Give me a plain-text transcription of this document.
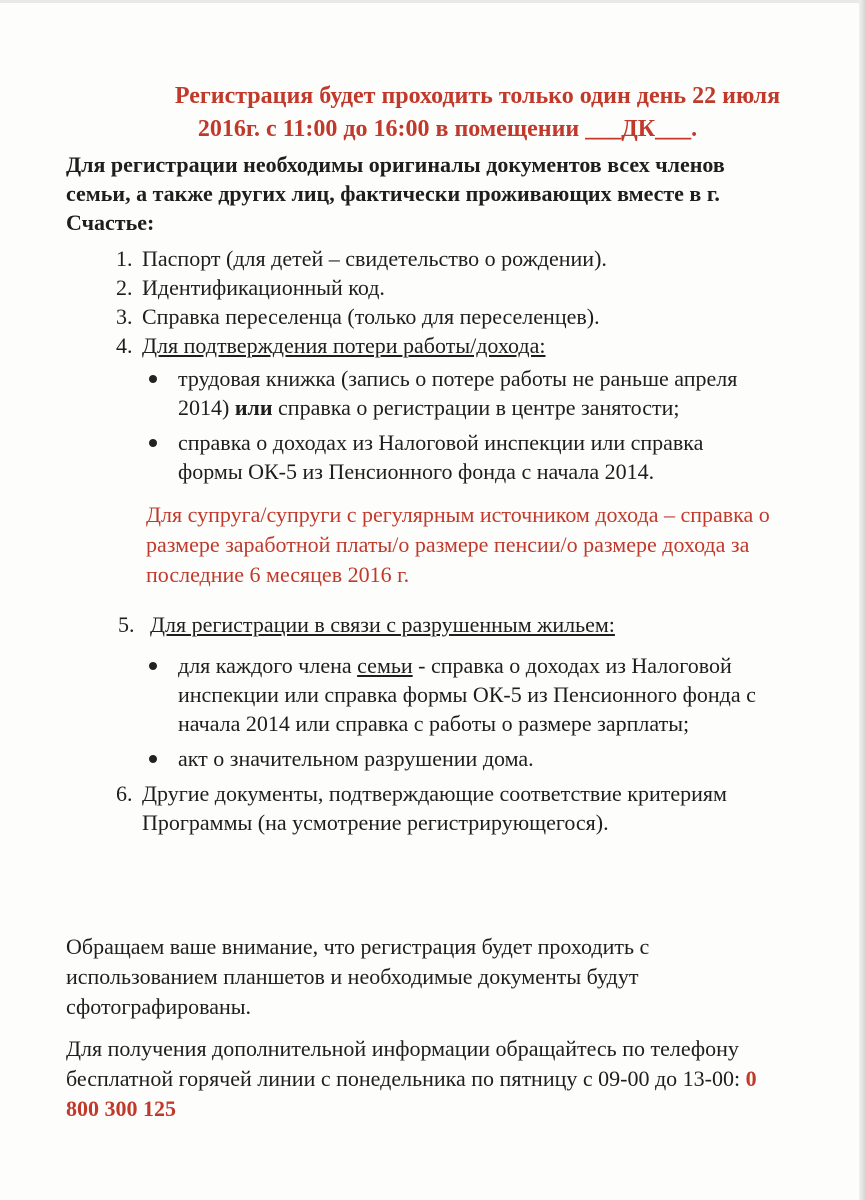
Регистрация будет проходить только один день 22 июля
2016г. с 11:00 до 16:00 в помещении ___ДК___.
Для регистрации необходимы оригиналы документов всех членов семьи, а также других лиц, фактически проживающих вместе в г. Счастье:
1. Паспорт (для детей – свидетельство о рождении).
2. Идентификационный код.
3. Справка переселенца (только для переселенцев).
4. Для подтверждения потери работы/дохода:
трудовая книжка (запись о потере работы не раньше апреля 2014) или справка о регистрации в центре занятости;
справка о доходах из Налоговой инспекции или справка формы ОК-5 из Пенсионного фонда с начала 2014.
Для супруга/супруги с регулярным источником дохода – справка о размере заработной платы/о размере пенсии/о размере дохода за последние 6 месяцев 2016 г.
5. Для регистрации в связи с разрушенным жильем:
для каждого члена семьи - справка о доходах из Налоговой инспекции или справка формы ОК-5 из Пенсионного фонда с начала 2014 или справка с работы о размере зарплаты;
акт о значительном разрушении дома.
6. Другие документы, подтверждающие соответствие критериям Программы (на усмотрение регистрирующегося).
Обращаем ваше внимание, что регистрация будет проходить с использованием планшетов и необходимые документы будут сфотографированы.
Для получения дополнительной информации обращайтесь по телефону бесплатной горячей линии с понедельника по пятницу с 09-00 до 13-00: 0 800 300 125
